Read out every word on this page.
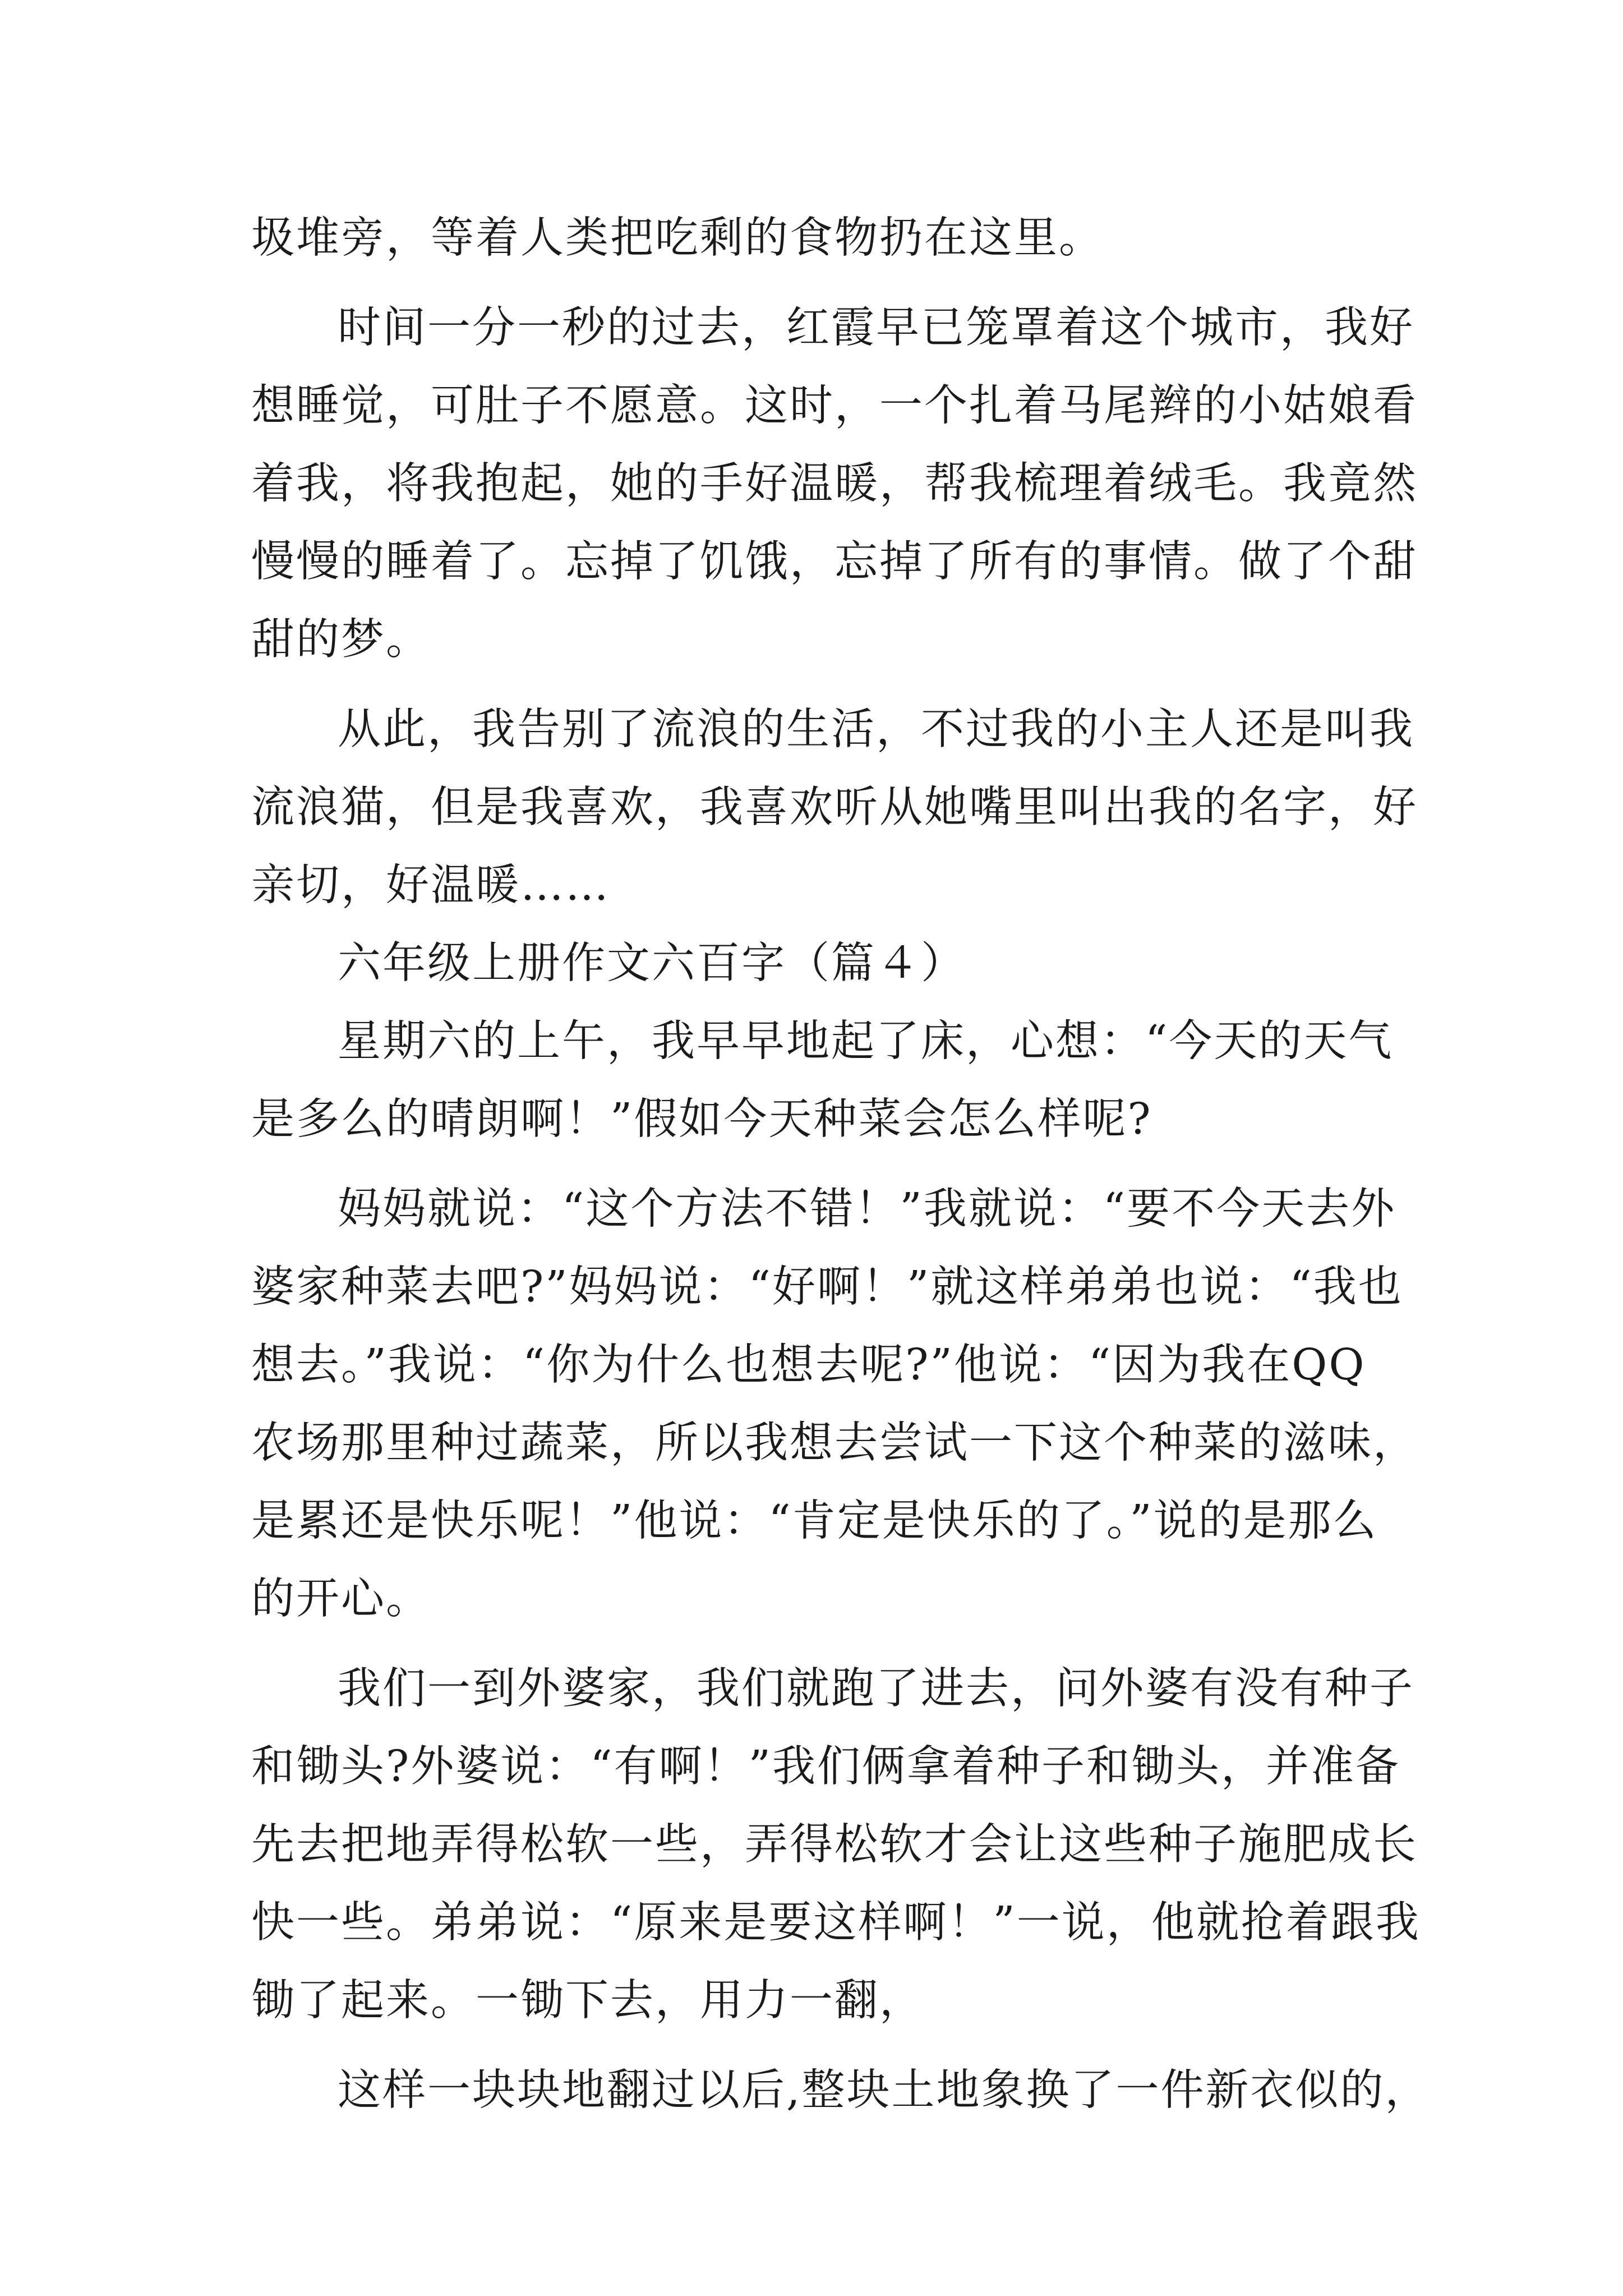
圾堆旁，等着人类把吃剩的食物扔在这里。
时间一分一秒的过去，红霞早已笼罩着这个城市，我好
想睡觉，可肚子不愿意。这时，一个扎着马尾辫的小姑娘看
着我，将我抱起，她的手好温暖，帮我梳理着绒毛。我竟然
慢慢的睡着了。忘掉了饥饿，忘掉了所有的事情。做了个甜
甜的梦。
从此，我告别了流浪的生活，不过我的小主人还是叫我
流浪猫，但是我喜欢，我喜欢听从她嘴里叫出我的名字，好
亲切，好温暖……
六年级上册作文六百字（篇４）
星期六的上午，我早早地起了床，心想：“今天的天气
是多么的晴朗啊！”假如今天种菜会怎么样呢?
妈妈就说：“这个方法不错！”我就说：“要不今天去外
婆家种菜去吧?”妈妈说：“好啊！”就这样弟弟也说：“我也
想去。”我说：“你为什么也想去呢?”他说：“因为我在QQ
农场那里种过蔬菜，所以我想去尝试一下这个种菜的滋味，
是累还是快乐呢！”他说：“肯定是快乐的了。”说的是那么
的开心。
我们一到外婆家，我们就跑了进去，问外婆有没有种子
和锄头?外婆说：“有啊！”我们俩拿着种子和锄头，并准备
先去把地弄得松软一些，弄得松软才会让这些种子施肥成长
快一些。弟弟说：“原来是要这样啊！”一说，他就抢着跟我
锄了起来。一锄下去，用力一翻，
这样一块块地翻过以后,整块土地象换了一件新衣似的，
